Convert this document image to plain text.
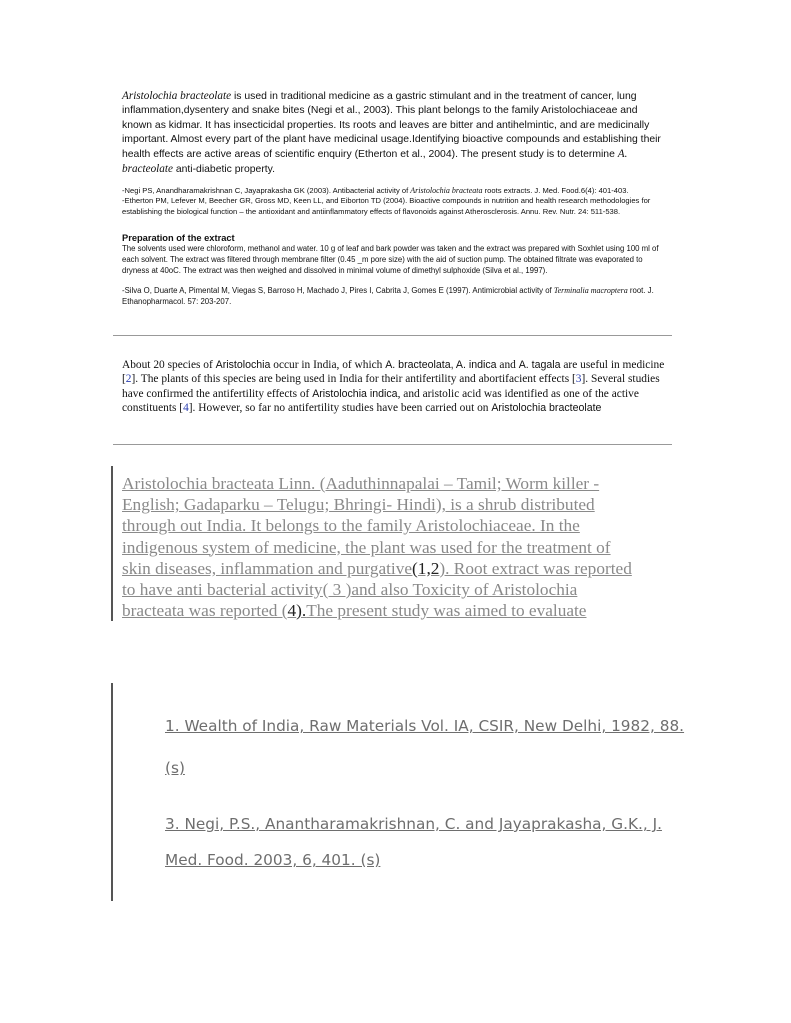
Aristolochia bracteolate is used in traditional medicine as a gastric stimulant and in the treatment of cancer, lung inflammation,dysentery and snake bites (Negi et al., 2003). This plant belongs to the family Aristolochiaceae and known as kidmar. It has insecticidal properties. Its roots and leaves are bitter and antihelmintic, and are medicinally important. Almost every part of the plant have medicinal usage.Identifying bioactive compounds and establishing their health effects are active areas of scientific enquiry (Etherton et al., 2004). The present study is to determine A. bracteolate anti-diabetic property.

-Negi PS, Anandharamakrishnan C, Jayaprakasha GK (2003). Antibacterial activity of Aristolochia bracteata roots extracts. J. Med. Food.6(4): 401-403.
-Etherton PM, Lefever M, Beecher GR, Gross MD, Keen LL, and Eiborton TD (2004). Bioactive compounds in nutrition and health research methodologies for establishing the biological function – the antioxidant and antiinflammatory effects of flavonoids against Atherosclerosis. Annu. Rev. Nutr. 24: 511-538.

Preparation of the extract

The solvents used were chloroform, methanol and water. 10 g of leaf and bark powder was taken and the extract was prepared with Soxhlet using 100 ml of each solvent. The extract was filtered through membrane filter (0.45 _m pore size) with the aid of suction pump. The obtained filtrate was evaporated to dryness at 40oC. The extract was then weighed and dissolved in minimal volume of dimethyl sulphoxide (Silva et al., 1997).

-Silva O, Duarte A, Pimental M, Viegas S, Barroso H, Machado J, Pires I, Cabrita J, Gomes E (1997). Antimicrobial activity of Terminalia macroptera root. J. Ethanopharmacol. 57: 203-207.

About 20 species of Aristolochia occur in India, of which A. bracteolata, A. indica and A. tagala are useful in medicine [2]. The plants of this species are being used in India for their antifertility and abortifacient effects [3]. Several studies have confirmed the antifertility effects of Aristolochia indica, and aristolic acid was identified as one of the active constituents [4]. However, so far no antifertility studies have been carried out on Aristolochia bracteolate

Aristolochia bracteata Linn. (Aaduthinnapalai – Tamil; Worm killer - English; Gadaparku – Telugu; Bhringi- Hindi), is a shrub distributed through out India. It belongs to the family Aristolochiaceae. In the indigenous system of medicine, the plant was used for the treatment of skin diseases, inflammation and purgative(1,2). Root extract was reported to have anti bacterial activity( 3 )and also Toxicity of Aristolochia bracteata was reported (4).The present study was aimed to evaluate

1. Wealth of India, Raw Materials Vol. IA, CSIR, New Delhi, 1982, 88.

(s)

3. Negi, P.S., Anantharamakrishnan, C. and Jayaprakasha, G.K., J.

Med. Food. 2003, 6, 401. (s)
